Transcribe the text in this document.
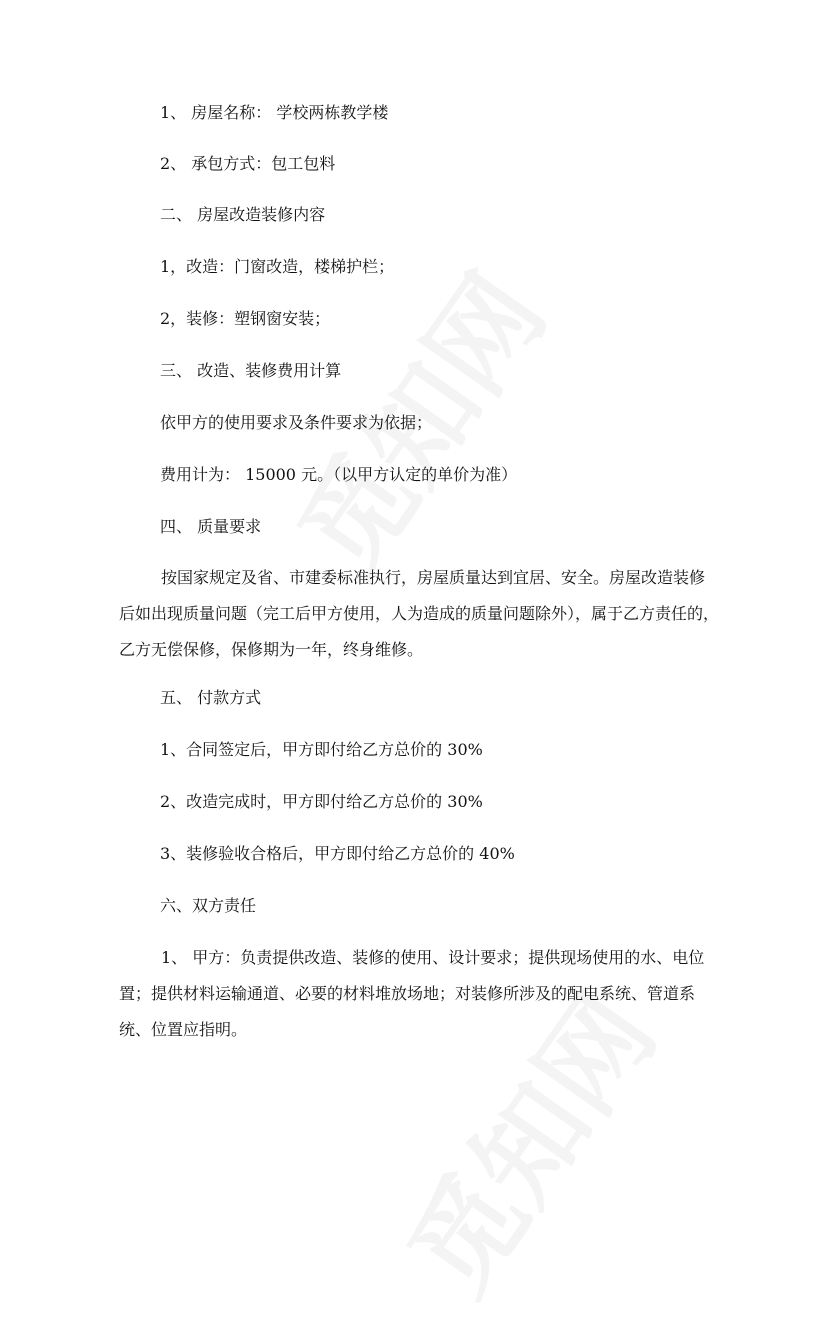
1、 房屋名称： 学校两栋教学楼
2、 承包方式：包工包料
二、 房屋改造装修内容
1，改造：门窗改造，楼梯护栏；
2，装修：塑钢窗安装；
三、 改造、装修费用计算
依甲方的使用要求及条件要求为依据；
费用计为： 15000 元。（以甲方认定的单价为准）
四、 质量要求
按国家规定及省、市建委标准执行，房屋质量达到宜居、安全。房屋改造装修后如出现质量问题（完工后甲方使用，人为造成的质量问题除外），属于乙方责任的，乙方无偿保修，保修期为一年，终身维修。
五、 付款方式
1、合同签定后，甲方即付给乙方总价的 30%
2、改造完成时，甲方即付给乙方总价的 30%
3、装修验收合格后，甲方即付给乙方总价的 40%
六、双方责任
1、 甲方：负责提供改造、装修的使用、设计要求；提供现场使用的水、电位置；提供材料运输通道、必要的材料堆放场地；对装修所涉及的配电系统、管道系统、位置应指明。
